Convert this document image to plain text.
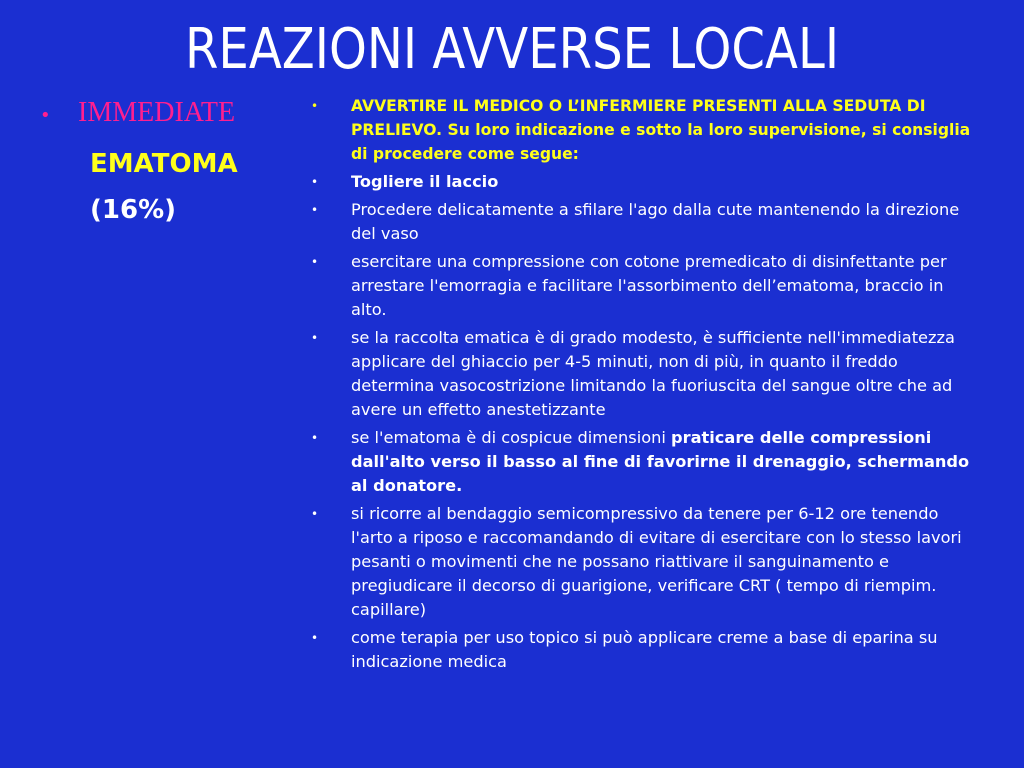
REAZIONI AVVERSE LOCALI
• IMMEDIATE
EMATOMA
(16%)
•	AVVERTIRE IL MEDICO O L’INFERMIERE PRESENTI ALLA SEDUTA DI PRELIEVO. Su loro indicazione e sotto la loro supervisione, si consiglia di procedere come segue:
•	Togliere il laccio
•	Procedere delicatamente a sfilare l'ago dalla cute mantenendo la direzione del vaso
•	esercitare una compressione con cotone premedicato di disinfettante per arrestare l'emorragia e facilitare l'assorbimento dell’ematoma, braccio in alto.
•	se la raccolta ematica è di grado modesto, è sufficiente nell'immediatezza applicare del ghiaccio per 4-5 minuti, non di più, in quanto il freddo determina vasocostrizione limitando la fuoriuscita del sangue oltre che ad avere un effetto anestetizzante
•	se l'ematoma è di cospicue dimensioni praticare delle compressioni dall'alto verso il basso al fine di favorirne il drenaggio, schermando al donatore.
•	si ricorre al bendaggio semicompressivo da tenere per 6-12 ore tenendo l'arto a riposo e raccomandando di evitare di esercitare con lo stesso lavori pesanti o movimenti che ne possano riattivare il sanguinamento e pregiudicare il decorso di guarigione, verificare CRT ( tempo di riempim. capillare)
•	come terapia per uso topico si può applicare creme a base di eparina su indicazione medica
